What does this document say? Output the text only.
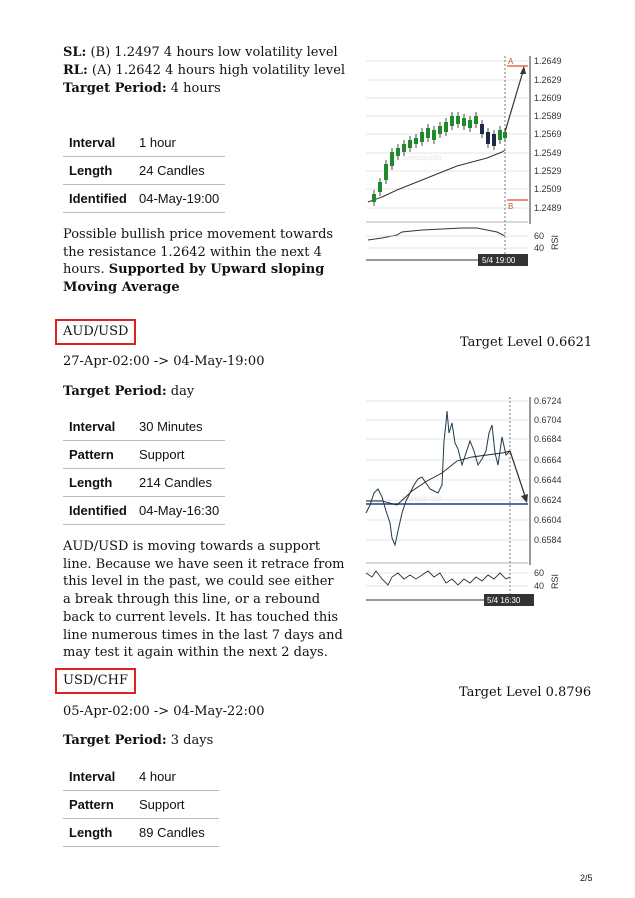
SL: (B) 1.2497 4 hours low volatility level
RL: (A) 1.2642 4 hours high volatility level
Target Period: 4 hours
Interval	1 hour
Length	24 Candles
Identified	04-May-19:00
Possible bullish price movement towards the resistance 1.2642 within the next 4 hours. Supported by Upward sloping Moving Average
swissquote
1.2649
1.2629
1.2609
1.2589
1.2569
1.2549
1.2529
1.2509
1.2489
A
B
60
40 RSI
5/4 19:00
AUD/USD
Target Level 0.6621
27-Apr-02:00 -> 04-May-19:00
Target Period: day
Interval	30 Minutes
Pattern	Support
Length	214 Candles
Identified	04-May-16:30
AUD/USD is moving towards a support line. Because we have seen it retrace from this level in the past, we could see either a break through this line, or a rebound back to current levels. It has touched this line numerous times in the last 7 days and may test it again within the next 2 days.
swissquote
0.6724
0.6704
0.6684
0.6664
0.6644
0.6624
0.6604
0.6584
60
40 RSI
5/4 16:30
USD/CHF
Target Level 0.8796
05-Apr-02:00 -> 04-May-22:00
Target Period: 3 days
Interval	4 hour
Pattern	Support
Length	89 Candles
2/5
